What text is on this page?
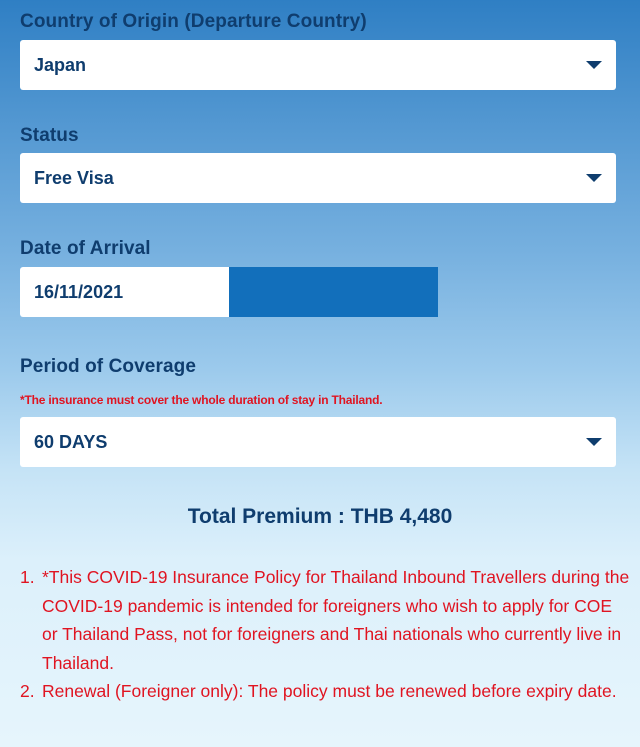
Country of Origin (Departure Country)
Japan
Status
Free Visa
Date of Arrival
16/11/2021
Period of Coverage
*The insurance must cover the whole duration of stay in Thailand.
60 DAYS
Total Premium : THB 4,480
1. *This COVID-19 Insurance Policy for Thailand Inbound Travellers during the COVID-19 pandemic is intended for foreigners who wish to apply for COE or Thailand Pass, not for foreigners and Thai nationals who currently live in Thailand.
2. Renewal (Foreigner only): The policy must be renewed before expiry date.
